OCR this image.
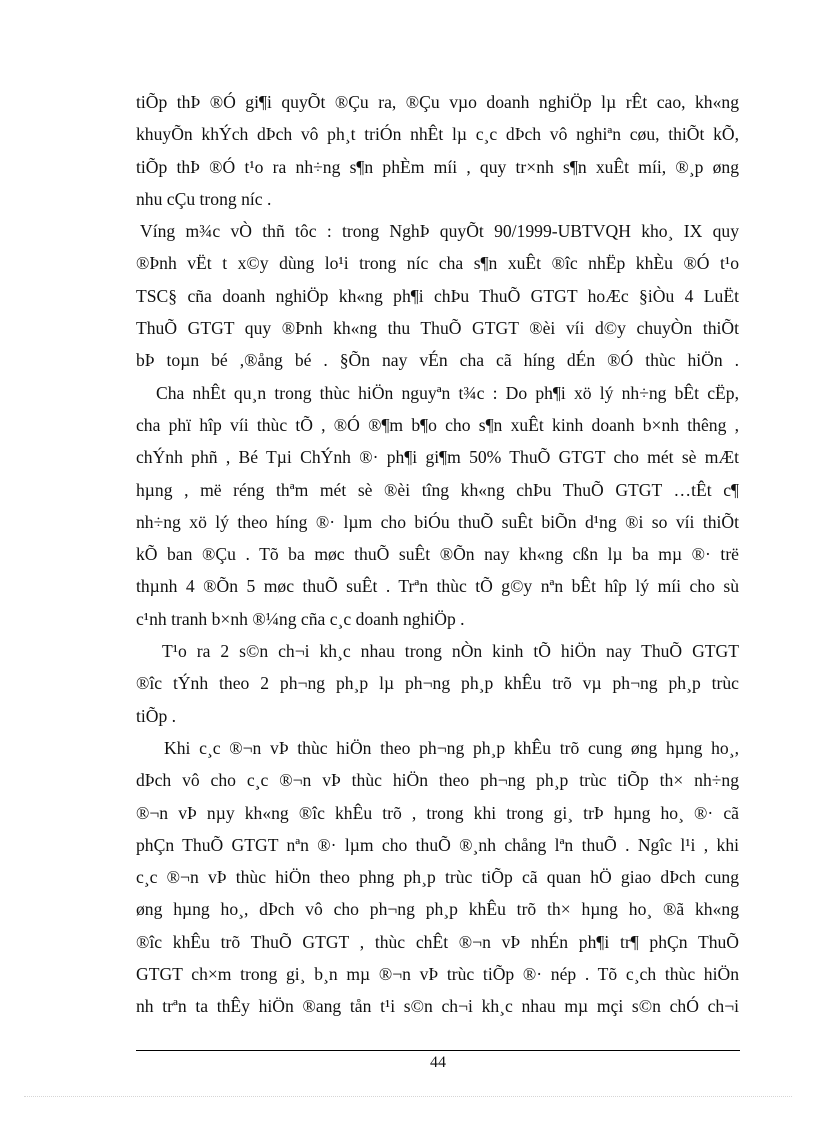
tiÕp thÞ ®Ó gi¶i quyÕt ®Çu ra, ®Çu vµo doanh nghiÖp lµ rÊt cao, kh«ng
khuyÕn khÝch dÞch vô ph¸t triÓn nhÊt lµ c¸c dÞch vô nghiªn cøu, thiÕt kÕ,
tiÕp thÞ ®Ó t¹o ra nh÷ng s¶n phÈm míi , quy tr×nh s¶n xuÊt míi, ®¸p øng
nhu cÇu trong níc .
Víng m¾c vÒ thñ tôc : trong NghÞ quyÕt 90/1999-UBTVQH kho¸ IX quy
®Þnh vËt t x©y dùng lo¹i trong níc cha s¶n xuÊt ®îc nhËp khÈu ®Ó t¹o
TSC§ cña doanh nghiÖp kh«ng ph¶i chÞu ThuÕ GTGT hoÆc §iÒu 4 LuËt
ThuÕ GTGT quy ®Þnh kh«ng thu ThuÕ GTGT ®èi víi d©y chuyÒn thiÕt
bÞ toµn bé ,®ång bé . §Õn nay vÉn cha cã híng dÉn ®Ó thùc hiÖn .
Cha nhÊt qu¸n trong thùc hiÖn nguyªn t¾c : Do ph¶i xö lý nh÷ng bÊt cËp,
cha phï hîp víi thùc tÕ , ®Ó ®¶m b¶o cho s¶n xuÊt kinh doanh b×nh thêng ,
chÝnh phñ , Bé Tµi ChÝnh ®· ph¶i gi¶m 50% ThuÕ GTGT cho mét sè mÆt
hµng , më réng thªm mét sè ®èi tîng kh«ng chÞu ThuÕ GTGT …tÊt c¶
nh÷ng xö lý theo híng ®· lµm cho biÓu thuÕ suÊt biÕn d¹ng ®i so víi thiÕt
kÕ ban ®Çu . Tõ ba møc thuÕ suÊt ®Õn nay kh«ng cßn lµ ba mµ ®· trë
thµnh 4 ®Õn 5 møc thuÕ suÊt . Trªn thùc tÕ g©y nªn bÊt hîp lý míi cho sù
c¹nh tranh b×nh ®¼ng cña c¸c doanh nghiÖp .
T¹o ra 2 s©n ch¬i kh¸c nhau trong nÒn kinh tÕ hiÖn nay ThuÕ GTGT
®îc tÝnh theo 2 ph¬ng ph¸p lµ ph¬ng ph¸p khÊu trõ vµ ph¬ng ph¸p trùc
tiÕp .
Khi c¸c ®¬n vÞ thùc hiÖn theo ph¬ng ph¸p khÊu trõ cung øng hµng ho¸,
dÞch vô cho c¸c ®¬n vÞ thùc hiÖn theo ph¬ng ph¸p trùc tiÕp th× nh÷ng
®¬n vÞ nµy kh«ng ®îc khÊu trõ , trong khi trong gi¸ trÞ hµng ho¸ ®· cã
phÇn ThuÕ GTGT nªn ®· lµm cho thuÕ ®¸nh chång lªn thuÕ . Ngîc l¹i , khi
c¸c ®¬n vÞ thùc hiÖn theo phng ph¸p trùc tiÕp cã quan hÖ giao dÞch cung
øng hµng ho¸, dÞch vô cho ph¬ng ph¸p khÊu trõ th× hµng ho¸ ®ã kh«ng
®îc khÊu trõ ThuÕ GTGT , thùc chÊt ®¬n vÞ nhÉn ph¶i tr¶ phÇn ThuÕ
GTGT ch×m trong gi¸ b¸n mµ ®¬n vÞ trùc tiÕp ®· nép . Tõ c¸ch thùc hiÖn
nh trªn ta thÊy hiÖn ®ang tån t¹i s©n ch¬i kh¸c nhau mµ mçi s©n chÓ ch¬i
44
